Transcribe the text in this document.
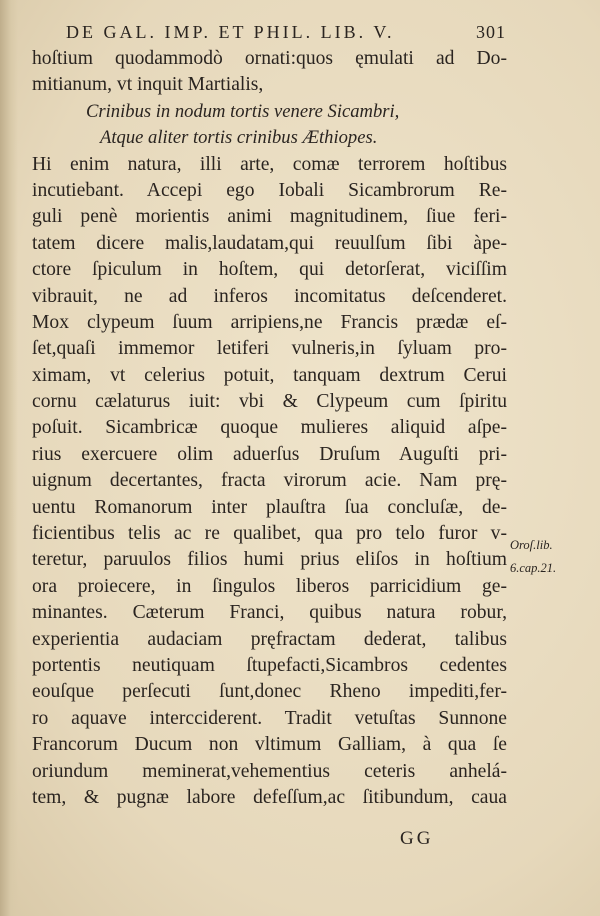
DE GAL. IMP. ET PHIL. LIB. V.	301
hoſtium quodammodò ornati:quos ęmulati ad Do-
mitianum, vt inquit Martialis,
Crinibus in nodum tortis venere Sicambri,
Atque aliter tortis crinibus Æthiopes.
Hi enim natura, illi arte, comæ terrorem hoſtibus
incutiebant. Accepi ego Iobali Sicambrorum Re-
guli penè morientis animi magnitudinem, ſiue feri-
tatem dicere malis,laudatam,qui reuulſum ſibi àpe-
ctore ſpiculum in hoſtem, qui detorſerat, viciſſim
vibrauit, ne ad inferos incomitatus deſcenderet.
Mox clypeum ſuum arripiens,ne Francis prædæ eſ-
ſet,quaſi immemor letiferi vulneris,in ſyluam pro-
ximam, vt celerius potuit, tanquam dextrum Cerui
cornu cælaturus iuit: vbi & Clypeum cum ſpiritu
poſuit. Sicambricæ quoque mulieres aliquid aſpe-
rius exercuere olim aduerſus Druſum Auguſti pri-
uignum decertantes, fracta virorum acie. Nam prę-
uentu Romanorum inter plauſtra ſua concluſæ, de-
ficientibus telis ac re qualibet, qua pro telo furor v-
teretur, paruulos filios humi prius eliſos in hoſtium
ora proiecere, in ſingulos liberos parricidium ge-
minantes. Cæterum Franci, quibus natura robur,
experientia audaciam pręfractam dederat, talibus
portentis neutiquam ſtupefacti,Sicambros cedentes
eouſque perſecuti ſunt,donec Rheno impediti,fer-
ro aquave intercciderent. Tradit vetuſtas Sunnone
Francorum Ducum non vltimum Galliam, à qua ſe
oriundum meminerat,vehementius ceteris anhelá-
tem, & pugnæ labore defeſſum,ac ſitibundum, caua
Oroſ.lib.
6.cap.21.
GG
